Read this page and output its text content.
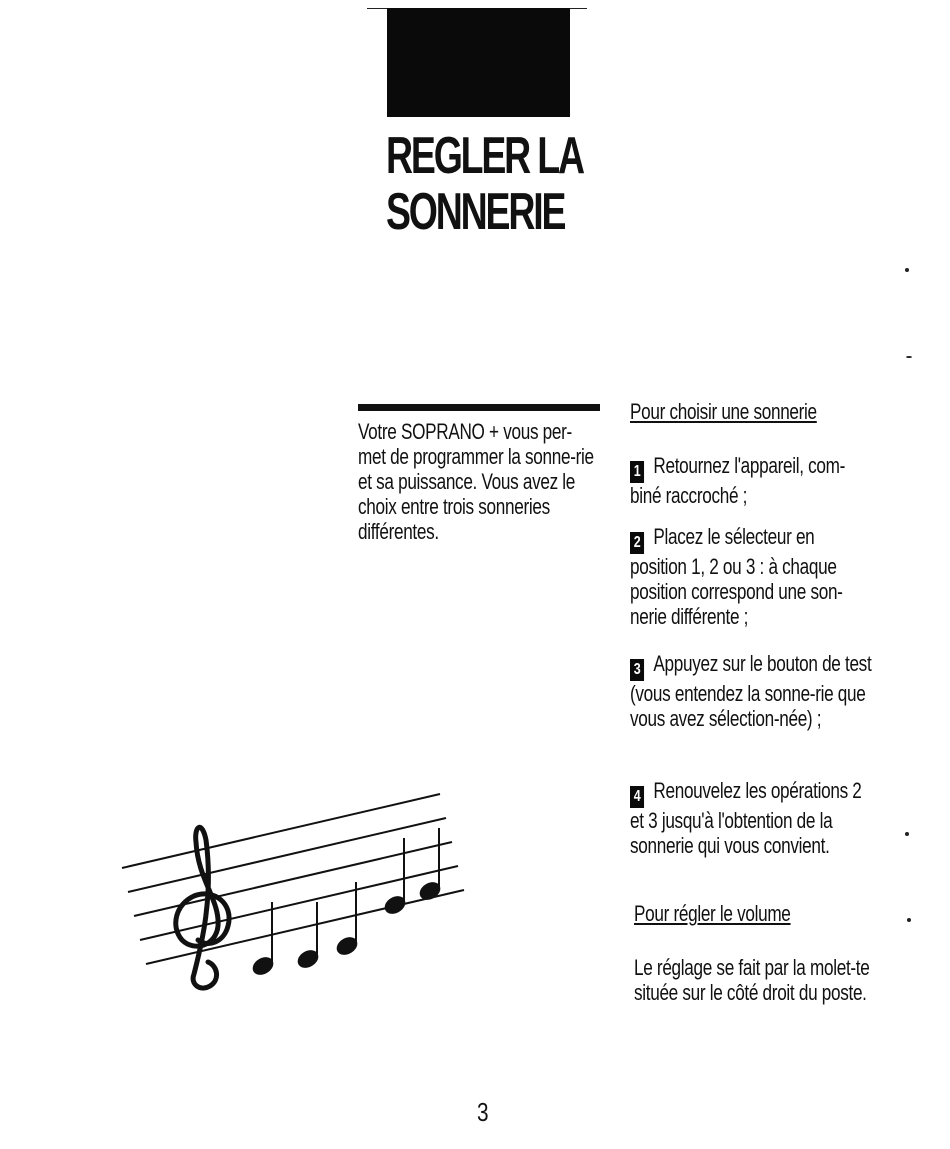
REGLER LA
SONNERIE

Votre SOPRANO + vous per-met de programmer la sonne-rie et sa puissance. Vous avez le choix entre trois sonneries différentes.

Pour choisir une sonnerie
1 Retournez l'appareil, com-biné raccroché ;
2 Placez le sélecteur en position 1, 2 ou 3 : à chaque position correspond une son-nerie différente ;
3 Appuyez sur le bouton de test (vous entendez la sonne-rie que vous avez sélection-née) ;
4 Renouvelez les opérations 2 et 3 jusqu'à l'obtention de la sonnerie qui vous convient.
Pour régler le volume

Le réglage se fait par la molet-te située sur le côté droit du poste.

3
